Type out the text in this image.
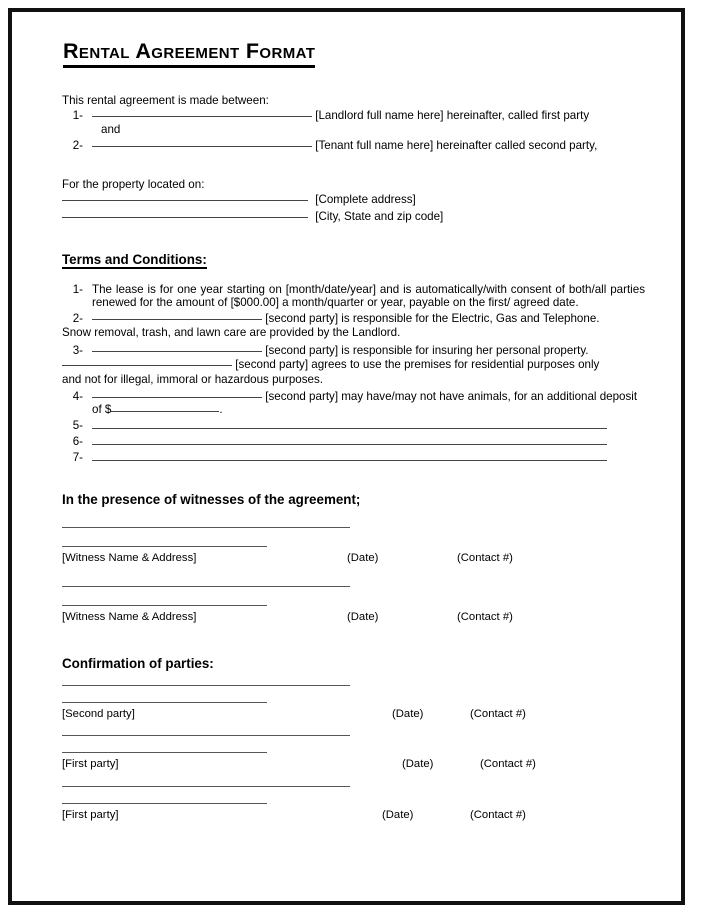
Rental Agreement Format
This rental agreement is made between:
1-	[Landlord full name here] hereinafter, called first party
and
2-	[Tenant full name here] hereinafter called second party,
For the property located on:
[Complete address]
[City, State and zip code]
Terms and Conditions:
1- The lease is for one year starting on [month/date/year] and is automatically/with consent of both/all parties renewed for the amount of [$000.00] a month/quarter or year, payable on the first/ agreed date.
2-	[second party] is responsible for the Electric, Gas and Telephone.
Snow removal, trash, and lawn care are provided by the Landlord.
3-	[second party] is responsible for insuring her personal property.
[second party] agrees to use the premises for residential purposes only
and not for illegal, immoral or hazardous purposes.
4-	[second party] may have/may not have animals, for an additional deposit of $	.
5-
6-
7-
In the presence of witnesses of the agreement;
[Witness Name & Address]	(Date)	(Contact #)
[Witness Name & Address]	(Date)	(Contact #)
Confirmation of parties:
[Second party]	(Date)	(Contact #)
[First party]	(Date)	(Contact #)
[First party]	(Date)	(Contact #)
